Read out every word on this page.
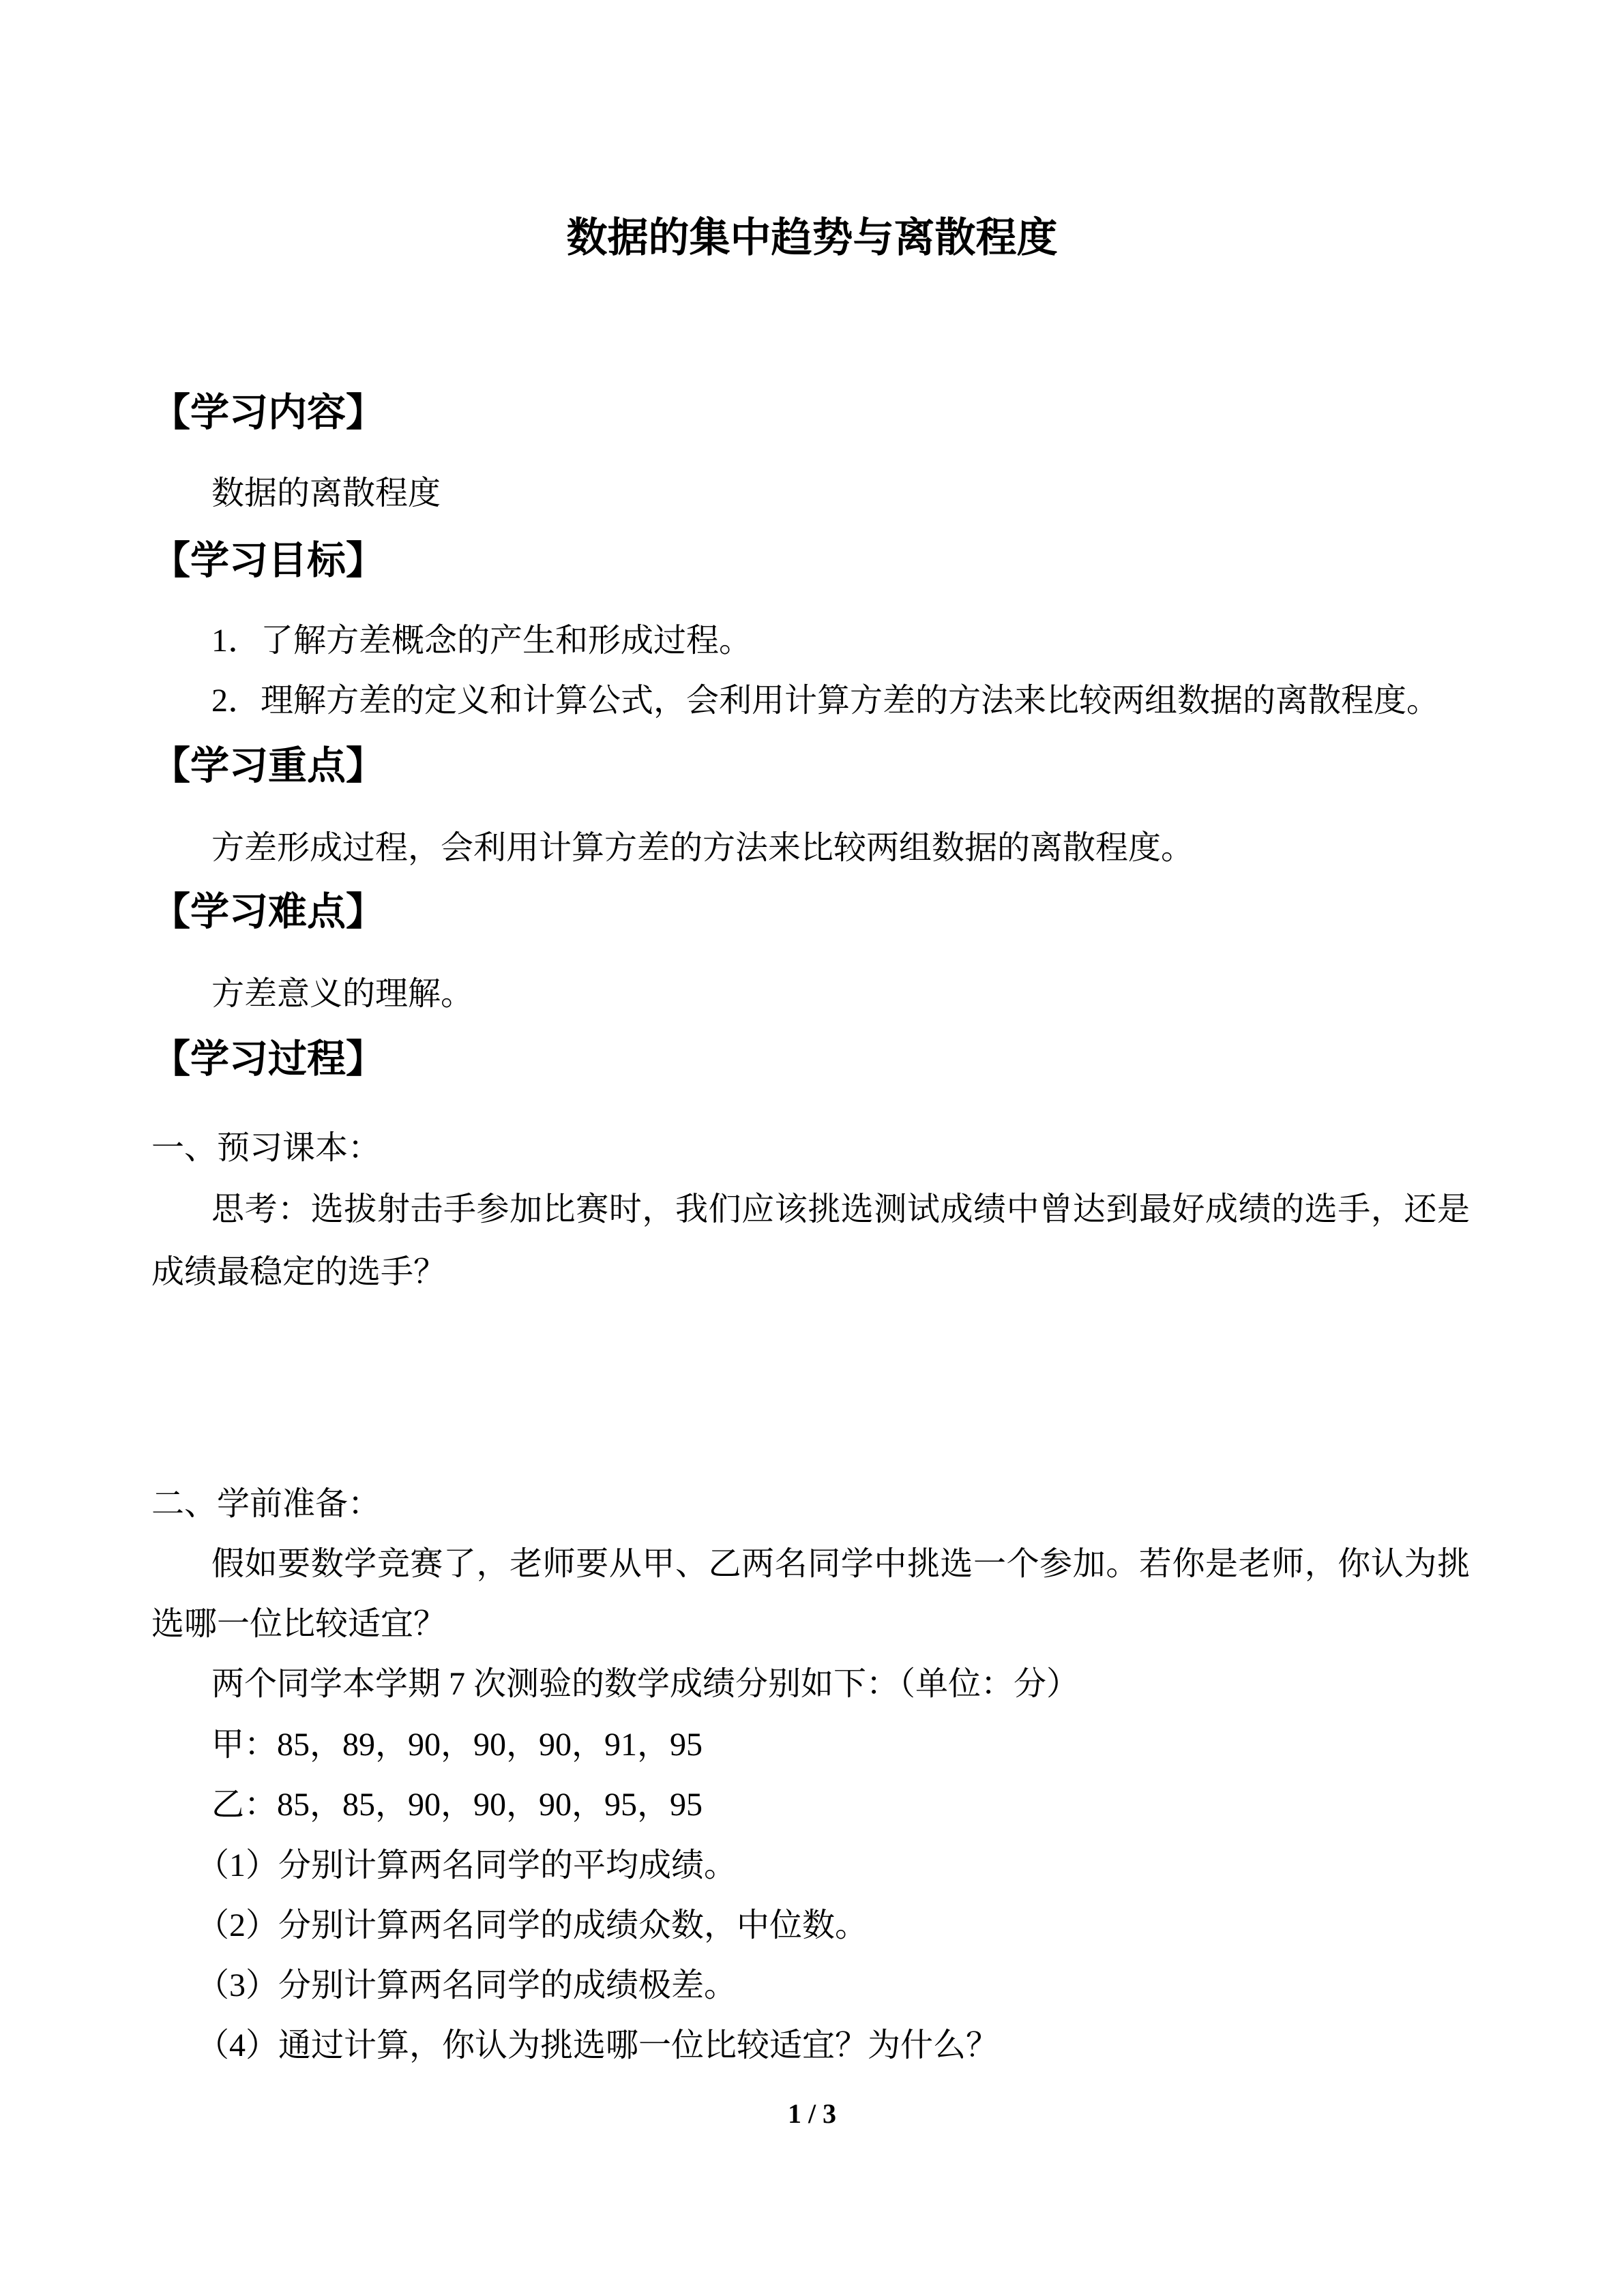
数据的集中趋势与离散程度
【学习内容】
数据的离散程度
【学习目标】
1．了解方差概念的产生和形成过程。
2．理解方差的定义和计算公式，会利用计算方差的方法来比较两组数据的离散程度。
【学习重点】
方差形成过程，会利用计算方差的方法来比较两组数据的离散程度。
【学习难点】
方差意义的理解。
【学习过程】
一、预习课本：
思考：选拔射击手参加比赛时，我们应该挑选测试成绩中曾达到最好成绩的选手，还是
成绩最稳定的选手？
二、学前准备：
假如要数学竞赛了，老师要从甲、乙两名同学中挑选一个参加。若你是老师，你认为挑
选哪一位比较适宜？
两个同学本学期 7 次测验的数学成绩分别如下：（单位：分）
甲：85，89，90，90，90，91，95
乙：85，85，90，90，90，95，95
（1）分别计算两名同学的平均成绩。
（2）分别计算两名同学的成绩众数，中位数。
（3）分别计算两名同学的成绩极差。
（4）通过计算，你认为挑选哪一位比较适宜？为什么？
1 / 3
